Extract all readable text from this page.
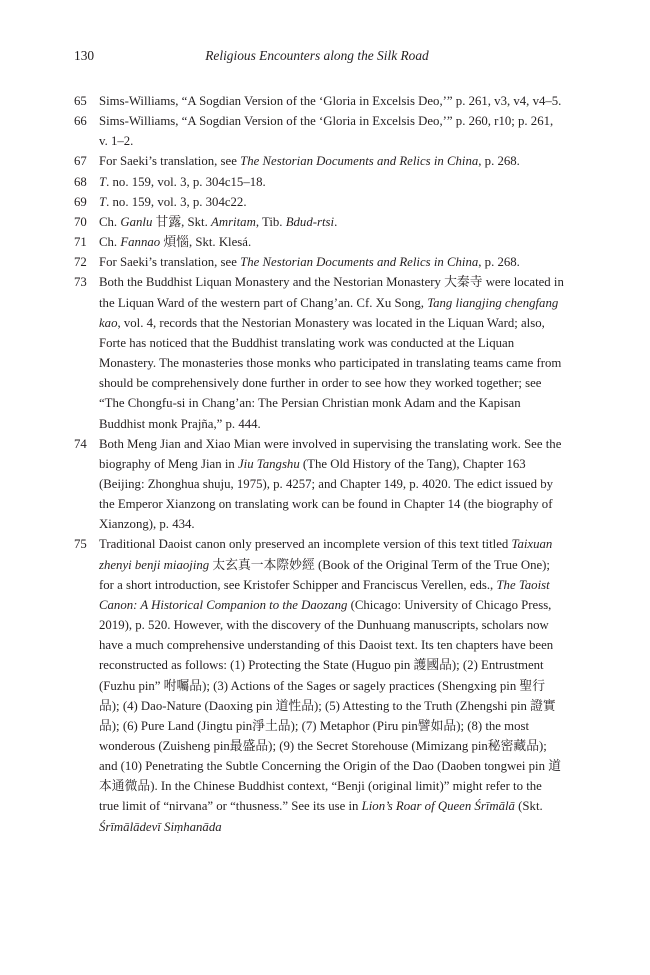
130	Religious Encounters along the Silk Road
65 Sims-Williams, “A Sogdian Version of the ‘Gloria in Excelsis Deo,’” p. 261, v3, v4, v4–5.
66 Sims-Williams, “A Sogdian Version of the ‘Gloria in Excelsis Deo,’” p. 260, r10; p. 261, v. 1–2.
67 For Saeki’s translation, see The Nestorian Documents and Relics in China, p. 268.
68 T. no. 159, vol. 3, p. 304c15–18.
69 T. no. 159, vol. 3, p. 304c22.
70 Ch. Ganlu 甘露, Skt. Amritam, Tib. Bdud-rtsi.
71 Ch. Fannao 煩惱, Skt. Klesá.
72 For Saeki’s translation, see The Nestorian Documents and Relics in China, p. 268.
73 Both the Buddhist Liquan Monastery and the Nestorian Monastery 大秦寺 were located in the Liquan Ward of the western part of Chang’an. Cf. Xu Song, Tang liangjing chengfang kao, vol. 4, records that the Nestorian Monastery was located in the Liquan Ward; also, Forte has noticed that the Buddhist translating work was conducted at the Liquan Monastery. The monasteries those monks who participated in translating teams came from should be comprehensively done further in order to see how they worked together; see “The Chongfu-si in Chang’an: The Persian Christian monk Adam and the Kapisan Buddhist monk Prajña,” p. 444.
74 Both Meng Jian and Xiao Mian were involved in supervising the translating work. See the biography of Meng Jian in Jiu Tangshu (The Old History of the Tang), Chapter 163 (Beijing: Zhonghua shuju, 1975), p. 4257; and Chapter 149, p. 4020. The edict issued by the Emperor Xianzong on translating work can be found in Chapter 14 (the biography of Xianzong), p. 434.
75 Traditional Daoist canon only preserved an incomplete version of this text titled Taixuan zhenyi benji miaojing 太玄真一本際妙經 (Book of the Original Term of the True One); for a short introduction, see Kristofer Schipper and Franciscus Verellen, eds., The Taoist Canon: A Historical Companion to the Daozang (Chicago: University of Chicago Press, 2019), p. 520. However, with the discovery of the Dunhuang manuscripts, scholars now have a much comprehensive understanding of this Daoist text. Its ten chapters have been reconstructed as follows: (1) Protecting the State (Huguo pin 護國品); (2) Entrustment (Fuzhu pin” 咐囑品); (3) Actions of the Sages or sagely practices (Shengxing pin 聖行品); (4) Dao-Nature (Daoxing pin 道性品); (5) Attesting to the Truth (Zhengshi pin 證實品); (6) Pure Land (Jingtu pin淨土品); (7) Metaphor (Piru pin譬如品); (8) the most wonderous (Zuisheng pin最盛品); (9) the Secret Storehouse (Mimizang pin秘密藏品); and (10) Penetrating the Subtle Concerning the Origin of the Dao (Daoben tongwei pin 道本通微品). In the Chinese Buddhist context, “Benji (original limit)” might refer to the true limit of “nirvana” or “thusness.” See its use in Lion’s Roar of Queen Śrīmālā (Skt. Śrīmālādevī Siṃhanāda
